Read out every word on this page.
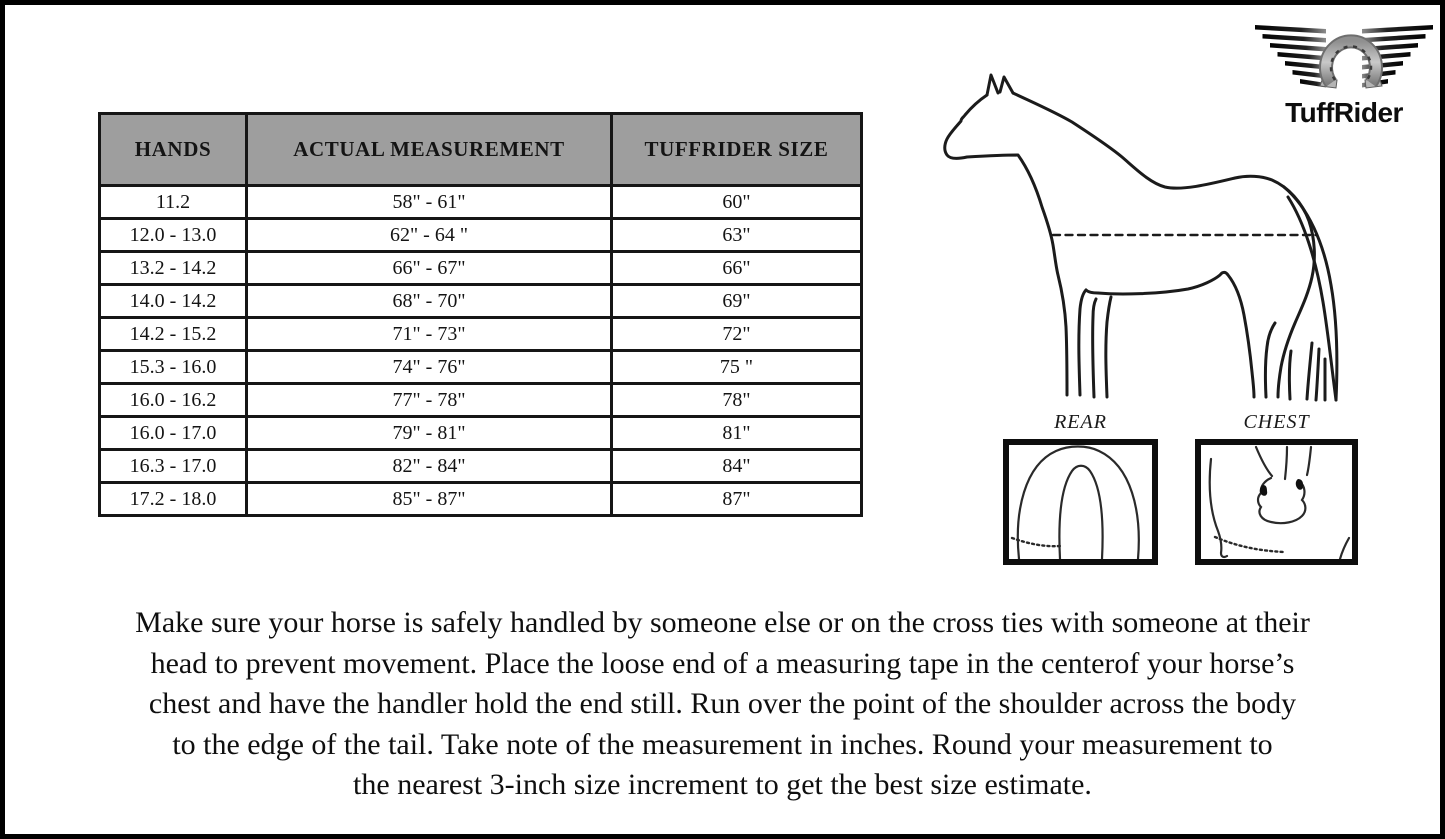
HANDS	ACTUAL MEASUREMENT	TUFFRIDER SIZE
11.2	58" - 61"	60"
12.0 - 13.0	62" - 64 "	63"
13.2 - 14.2	66" - 67"	66"
14.0 - 14.2	68" - 70"	69"
14.2 - 15.2	71" - 73"	72"
15.3 - 16.0	74" - 76"	75 "
16.0 - 16.2	77" - 78"	78"
16.0 - 17.0	79" - 81"	81"
16.3 - 17.0	82" - 84"	84"
17.2 - 18.0	85" - 87"	87"
TuffRider
REAR	CHEST
Make sure your horse is safely handled by someone else or on the cross ties with someone at their
head to prevent movement. Place the loose end of a measuring tape in the centerof your horse’s
chest and have the handler hold the end still. Run over the point of the shoulder across the body
to the edge of the tail. Take note of the measurement in inches. Round your measurement to
the nearest 3-inch size increment to get the best size estimate.
